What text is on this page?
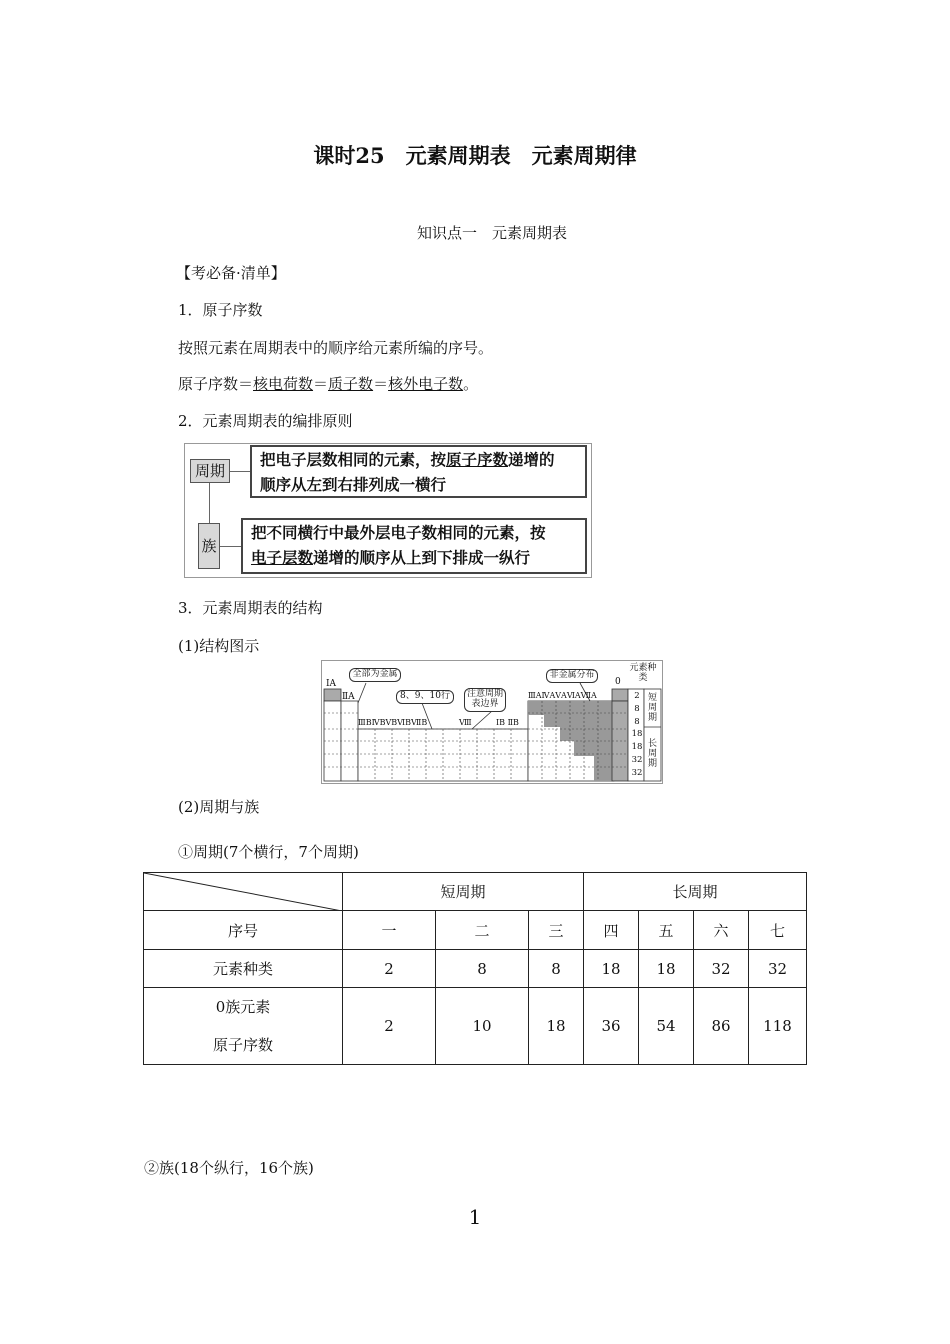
课时25　元素周期表　元素周期律
知识点一　元素周期表
【考必备·清单】
1．原子序数
按照元素在周期表中的顺序给元素所编的序号。
原子序数＝核电荷数＝质子数＝核外电子数。
2．元素周期表的编排原则
周期
把电子层数相同的元素，按原子序数递增的
顺序从左到右排列成一横行
族
把不同横行中最外层电子数相同的元素，按
电子层数递增的顺序从上到下排成一纵行
3．元素周期表的结构
(1)结构图示
ⅠA
ⅡA
全部为金属
8、9、10行	注意周期表边界
非金属分布
元素种类
0
ⅢBⅣBⅤBⅥBⅦB	Ⅷ	ⅠB ⅡB
ⅢAⅣAⅤAⅥAⅦA	2
8
8
18
18
32
32
短周期
长周期
(2)周期与族
①周期(7个横行，7个周期)
	短周期			长周期			
序号	一	二	三	四	五	六	七
元素种类	2	8	8	18	18	32	32

0族元素
原子序数	2	10	18	36	54	86	118
②族(18个纵行，16个族)
1
